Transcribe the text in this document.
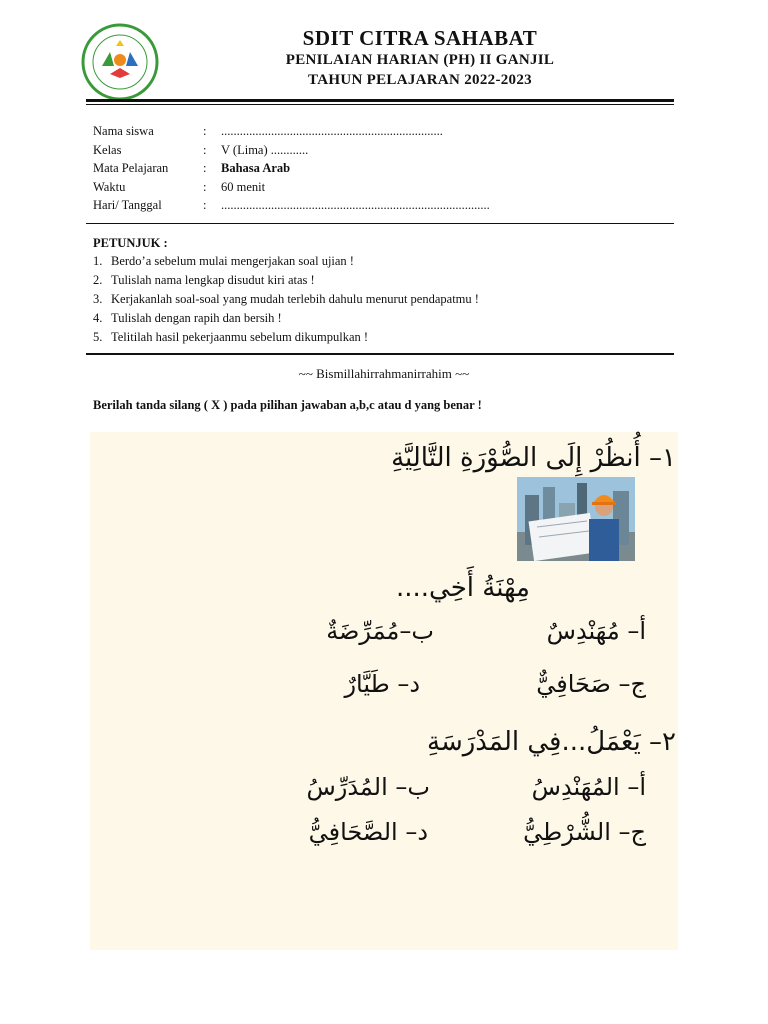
SDIT CITRA SAHABAT
PENILAIAN HARIAN (PH) II GANJIL
TAHUN PELAJARAN 2022-2023
Nama siswa	: .......................................................................
Kelas	: V (Lima) ............
Mata Pelajaran	: Bahasa Arab
Waktu	: 60 menit
Hari/ Tanggal	: ......................................................................................
PETUNJUK :
1. Berdo’a sebelum mulai mengerjakan soal ujian !
2. Tulislah nama lengkap disudut kiri atas !
3. Kerjakanlah soal-soal yang mudah terlebih dahulu menurut pendapatmu !
4. Tulislah dengan rapih dan bersih !
5. Telitilah hasil pekerjaanmu sebelum dikumpulkan !
~~ Bismillahirrahmanirrahim ~~
Berilah tanda silang ( X ) pada pilihan jawaban a,b,c atau d yang benar !
١– أُنظُرْ إِلَى الصُّوْرَةِ التَّالِيَّةِ
مِهْنَةُ أَخِي....
أ– مُهَنْدِسٌ
ب–مُمَرِّضَةٌ
ج– صَحَافِيٌّ
د– طَيَّارٌ
٢– يَعْمَلُ...فِي المَدْرَسَةِ
أ– المُهَنْدِسُ
ب– المُدَرِّسُ
ج– الشُّرْطِيُّ
د– الصَّحَافِيُّ
